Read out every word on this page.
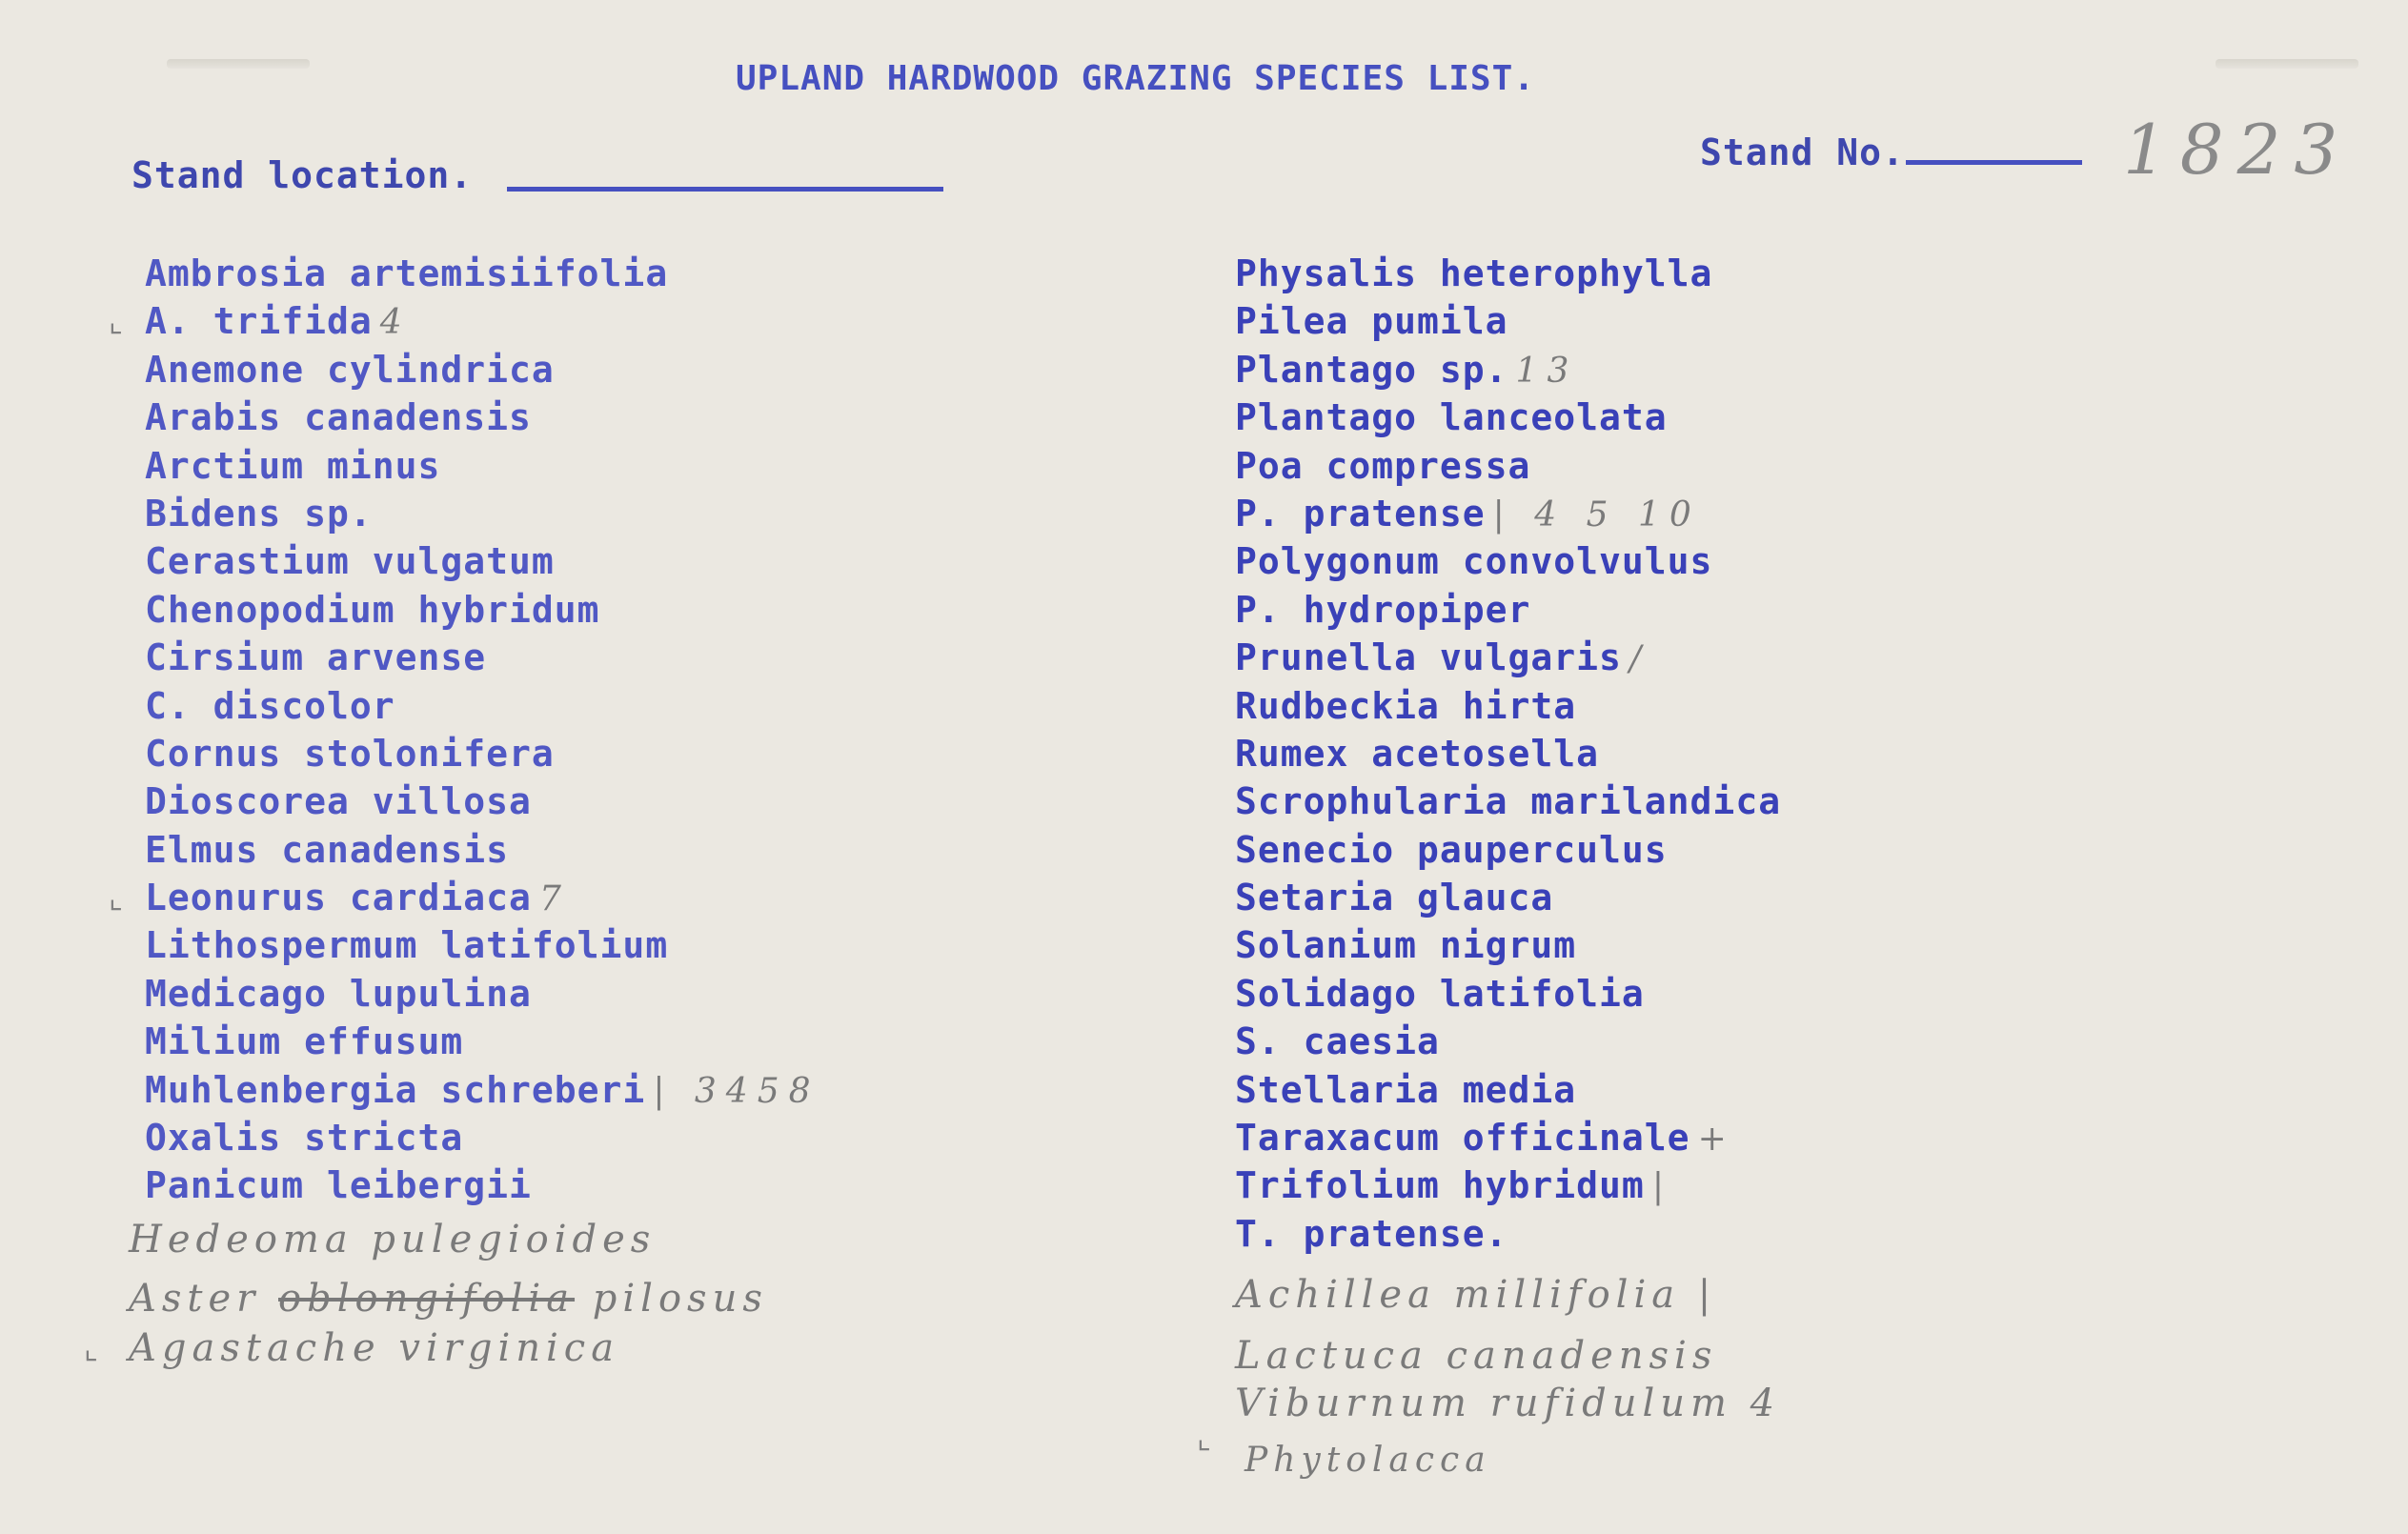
UPLAND HARDWOOD GRAZING SPECIES LIST.
Stand location.
Stand No.	1823
Ambrosia artemisiifolia
⌞ A. trifida 4
Anemone cylindrica
Arabis canadensis
Arctium minus
Bidens sp.
Cerastium vulgatum
Chenopodium hybridum
Cirsium arvense
C. discolor
Cornus stolonifera
Dioscorea villosa
Elmus canadensis
⌞ Leonurus cardiaca 7
Lithospermum latifolium
Medicago lupulina
Milium effusum
Muhlenbergia schreberi | 3458
Oxalis stricta
Panicum leibergii
Physalis heterophylla
Pilea pumila
Plantago sp. 13
Plantago lanceolata
Poa compressa
P. pratense | 4 5 10
Polygonum convolvulus
P. hydropiper
Prunella vulgaris /
Rudbeckia hirta
Rumex acetosella
Scrophularia marilandica
Senecio pauperculus
Setaria glauca
Solanium nigrum
Solidago latifolia
S. caesia
Stellaria media
Taraxacum officinale +
Trifolium hybridum |
T. pratense.
Hedeoma pulegioides
Aster oblongifolia pilosus
Agastache virginica
⌞
Achillea millifolia |
Lactuca canadensis
Viburnum rufidulum 4
⌞
Phytolacca
